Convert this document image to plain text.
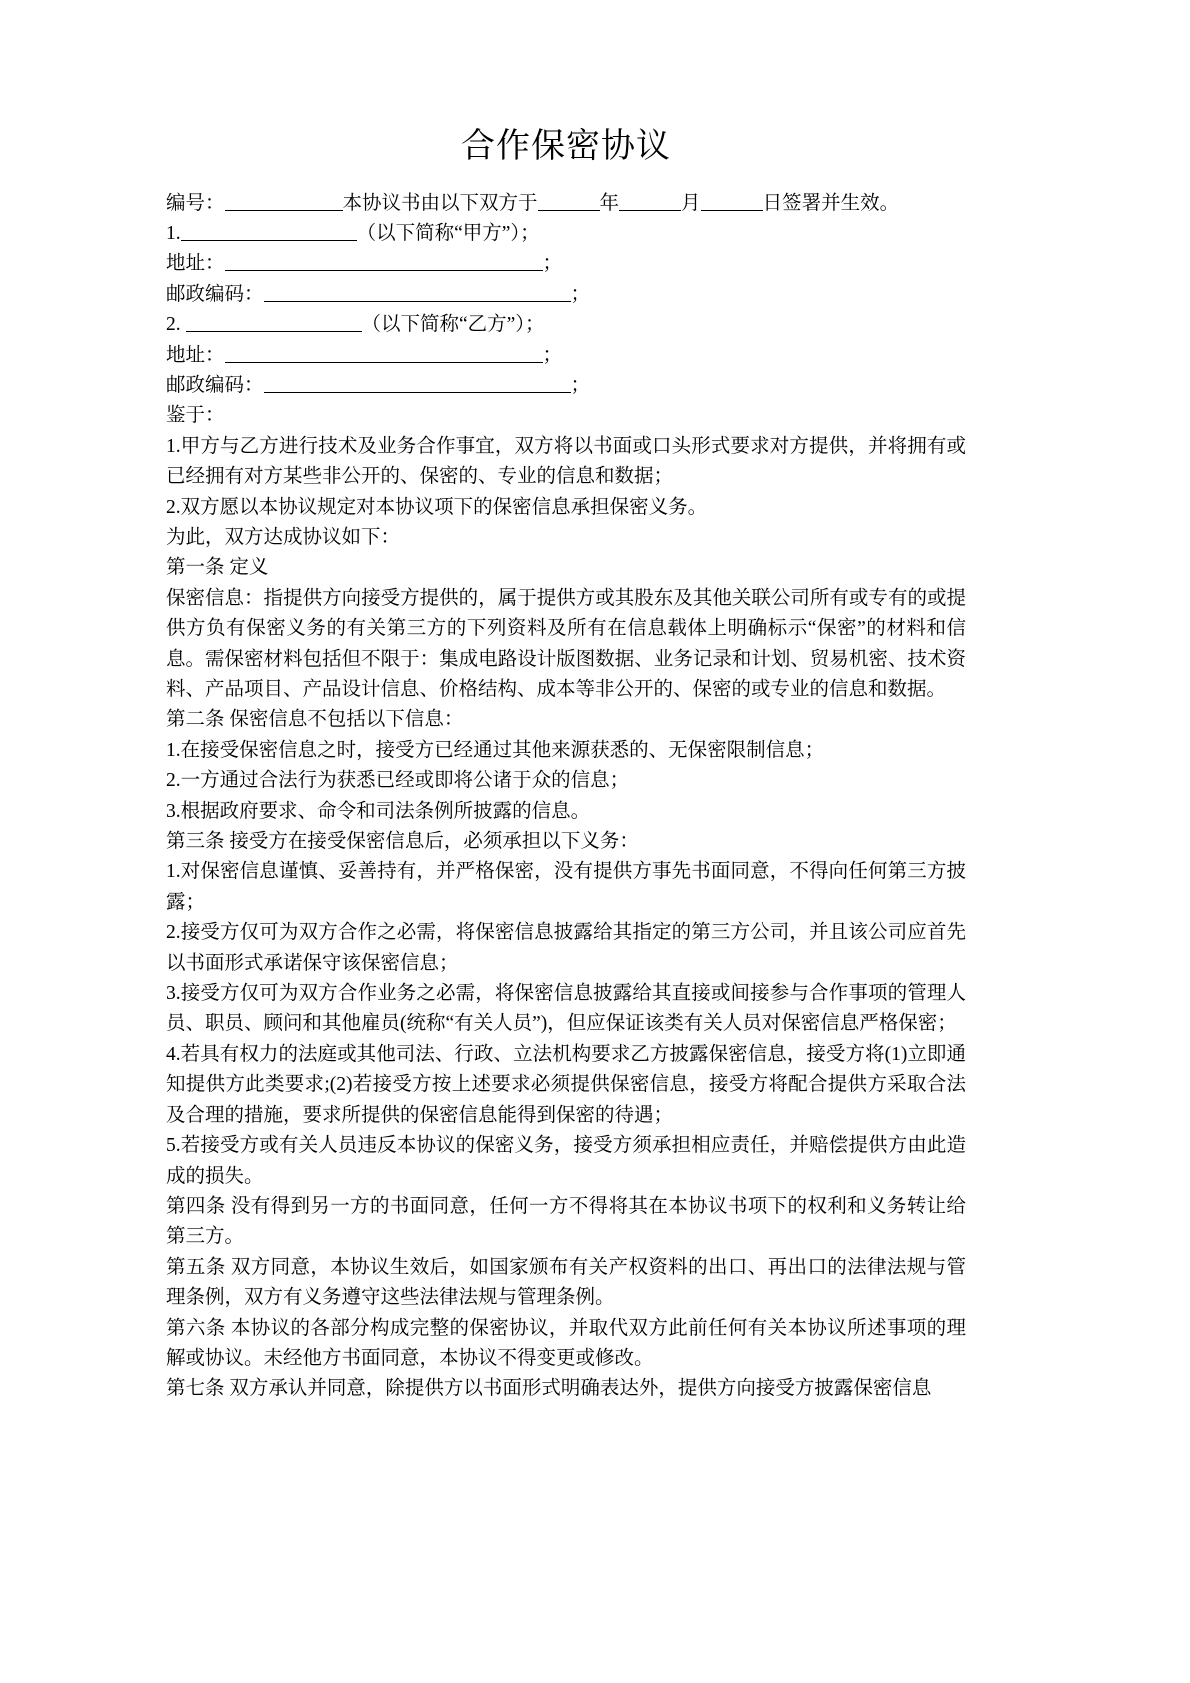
合作保密协议

编号：	本协议书由以下双方于	年	月	日签署并生效。

1.	（以下简称“甲方”）；

地址：	；

邮政编码：	；

2.	（以下简称“乙方”）；

地址：	；

邮政编码：	；

鉴于：

1.甲方与乙方进行技术及业务合作事宜，双方将以书面或口头形式要求对方提供，并将拥有或已经拥有对方某些非公开的、保密的、专业的信息和数据；

2.双方愿以本协议规定对本协议项下的保密信息承担保密义务。

为此，双方达成协议如下：

第一条 定义

保密信息：指提供方向接受方提供的，属于提供方或其股东及其他关联公司所有或专有的或提供方负有保密义务的有关第三方的下列资料及所有在信息载体上明确标示“保密”的材料和信息。需保密材料包括但不限于：集成电路设计版图数据、业务记录和计划、贸易机密、技术资料、产品项目、产品设计信息、价格结构、成本等非公开的、保密的或专业的信息和数据。

第二条 保密信息不包括以下信息：

1.在接受保密信息之时，接受方已经通过其他来源获悉的、无保密限制信息；

2.一方通过合法行为获悉已经或即将公诸于众的信息；

3.根据政府要求、命令和司法条例所披露的信息。

第三条 接受方在接受保密信息后，必须承担以下义务：

1.对保密信息谨慎、妥善持有，并严格保密，没有提供方事先书面同意，不得向任何第三方披露；

2.接受方仅可为双方合作之必需，将保密信息披露给其指定的第三方公司，并且该公司应首先以书面形式承诺保守该保密信息；

3.接受方仅可为双方合作业务之必需，将保密信息披露给其直接或间接参与合作事项的管理人员、职员、顾问和其他雇员(统称“有关人员”)，但应保证该类有关人员对保密信息严格保密；

4.若具有权力的法庭或其他司法、行政、立法机构要求乙方披露保密信息，接受方将(1)立即通知提供方此类要求;(2)若接受方按上述要求必须提供保密信息，接受方将配合提供方采取合法及合理的措施，要求所提供的保密信息能得到保密的待遇；

5.若接受方或有关人员违反本协议的保密义务，接受方须承担相应责任，并赔偿提供方由此造成的损失。

第四条 没有得到另一方的书面同意，任何一方不得将其在本协议书项下的权利和义务转让给第三方。

第五条 双方同意，本协议生效后，如国家颁布有关产权资料的出口、再出口的法律法规与管理条例，双方有义务遵守这些法律法规与管理条例。

第六条 本协议的各部分构成完整的保密协议，并取代双方此前任何有关本协议所述事项的理解或协议。未经他方书面同意，本协议不得变更或修改。

第七条 双方承认并同意，除提供方以书面形式明确表达外，提供方向接受方披露保密信息
